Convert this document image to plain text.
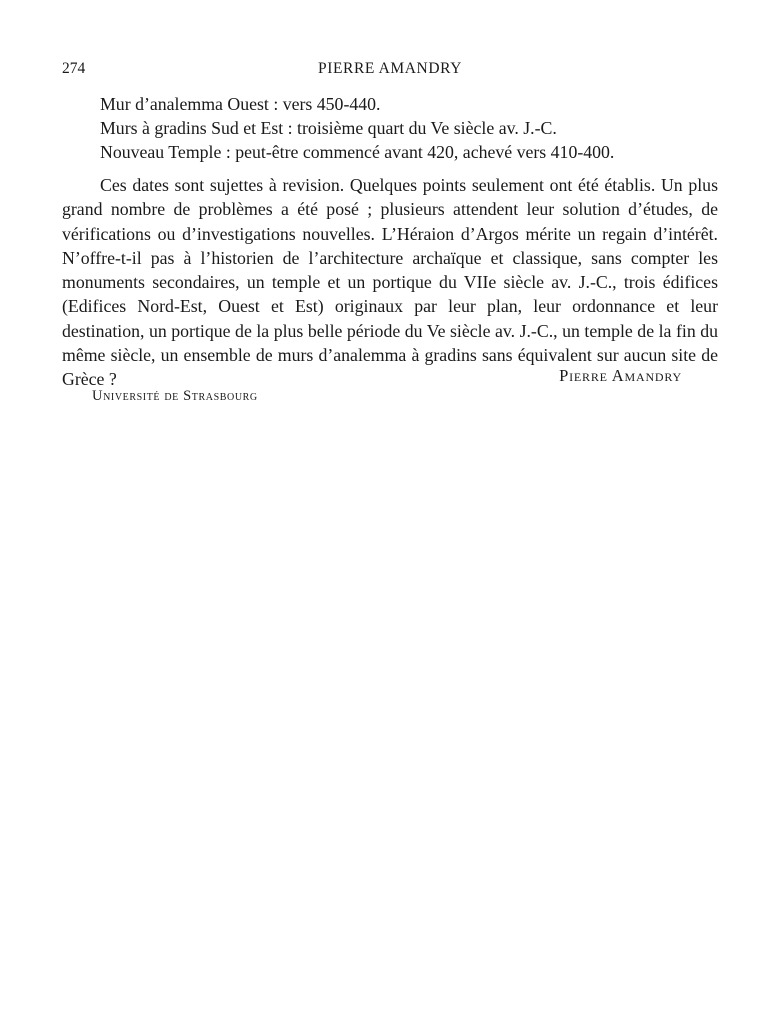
274	PIERRE AMANDRY
Mur d’analemma Ouest : vers 450-440.
Murs à gradins Sud et Est : troisième quart du Ve siècle av. J.-C.
Nouveau Temple : peut-être commencé avant 420, achevé vers 410-400.

Ces dates sont sujettes à revision. Quelques points seulement ont été établis. Un plus grand nombre de problèmes a été posé ; plusieurs attendent leur solution d’études, de vérifications ou d’investigations nouvelles. L’Héraion d’Argos mérite un regain d’intérêt. N’offre-t-il pas à l’historien de l’architecture archaïque et classique, sans compter les monuments secondaires, un temple et un portique du VIIe siècle av. J.-C., trois édifices (Edifices Nord-Est, Ouest et Est) originaux par leur plan, leur ordonnance et leur destination, un portique de la plus belle période du Ve siècle av. J.-C., un temple de la fin du même siècle, un ensemble de murs d’analemma à gradins sans équivalent sur aucun site de Grèce ?	Pierre Amandry
Université de Strasbourg
